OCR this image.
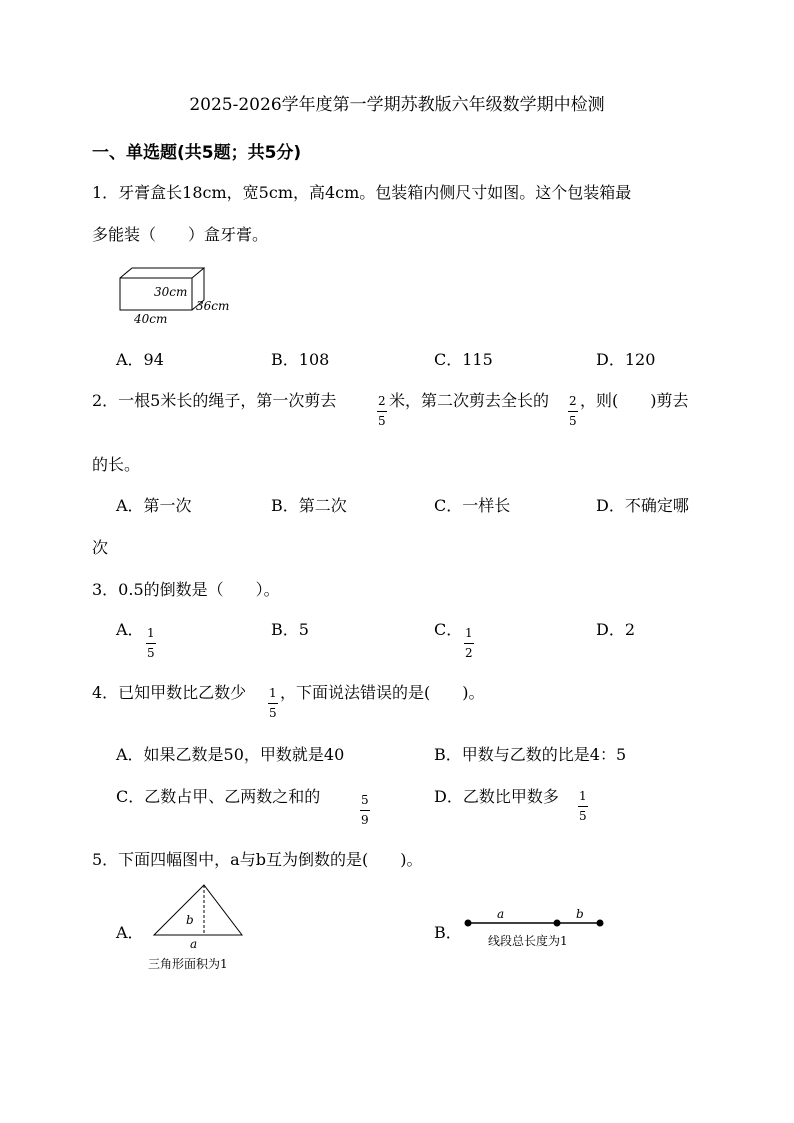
2025-2026学年度第一学期苏教版六年级数学期中检测
一、单选题(共5题；共5分)
1．牙膏盒长18cm，宽5cm，高4cm。包装箱内侧尺寸如图。这个包装箱最
多能装（　　）盒牙膏。
30cm
40cm
36cm
A．94	B．108	C．115	D．120
2．一根5米长的绳子，第一次剪去	$\frac{2}{5}$ 米，第二次剪去全长的 $\frac{2}{5}$ ，则(　　)剪去
的长。
A．第一次	B．第二次	C．一样长	D．不确定哪
次
3．0.5的倒数是（　　）。
A． $\frac{1}{5}$	B．5	C． $\frac{1}{2}$	D．2
4．已知甲数比乙数少 $\frac{1}{5}$ ，下面说法错误的是(　　)。
A．如果乙数是50，甲数就是40	B．甲数与乙数的比是4：5
C．乙数占甲、乙两数之和的	$\frac{5}{9}$	D．乙数比甲数多 $\frac{1}{5}$
5．下面四幅图中，a与b互为倒数的是(　　)。
A．
b
a
三角形面积为1
B．
a	b
线段总长度为1
